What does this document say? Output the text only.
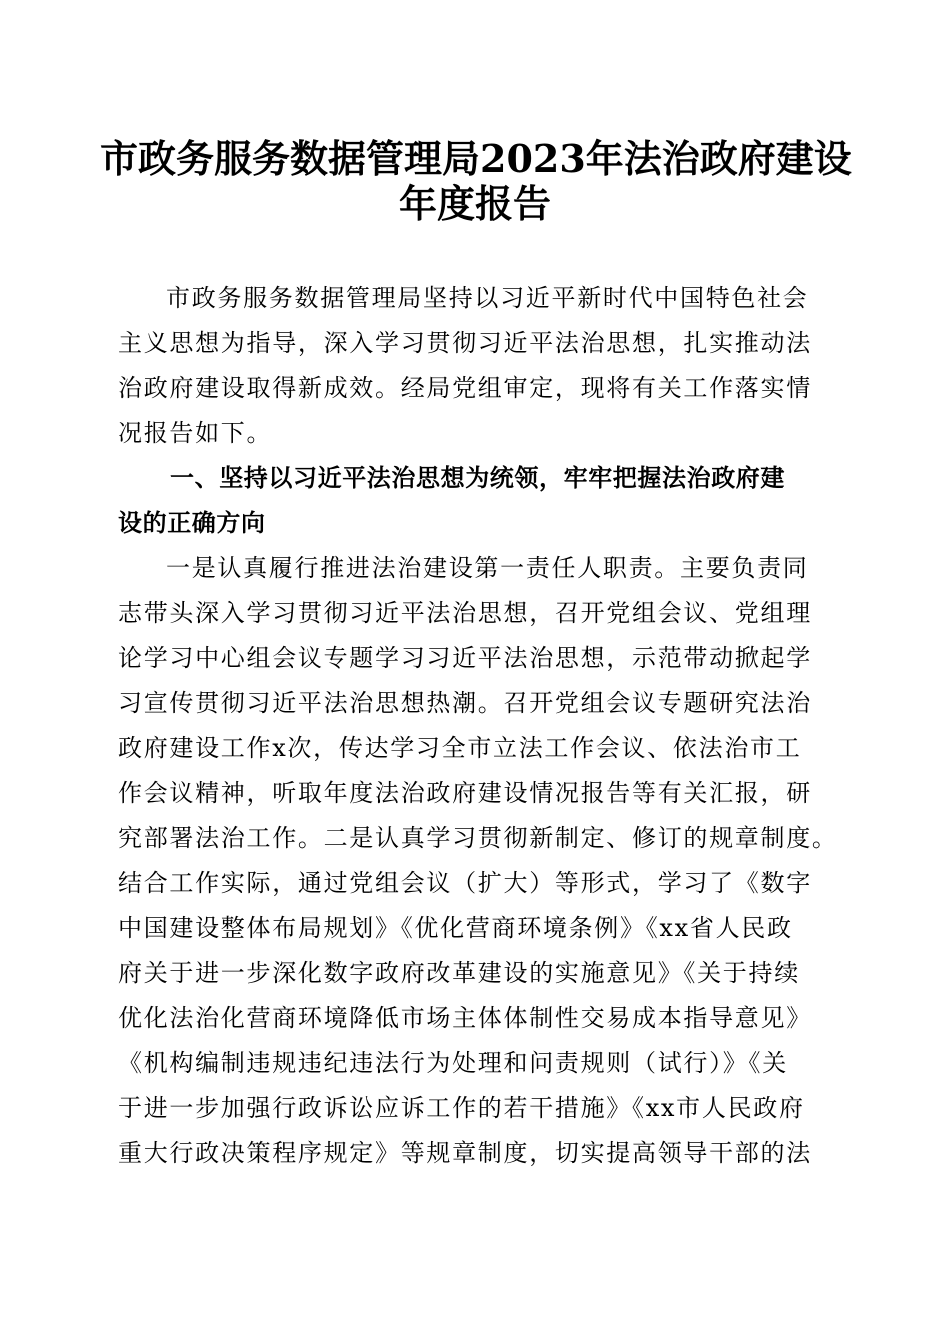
市政务服务数据管理局2023年法治政府建设
年度报告

市政务服务数据管理局坚持以习近平新时代中国特色社会

主义思想为指导，深入学习贯彻习近平法治思想，扎实推动法

治政府建设取得新成效。经局党组审定，现将有关工作落实情

况报告如下。

一、坚持以习近平法治思想为统领，牢牢把握法治政府建

设的正确方向

一是认真履行推进法治建设第一责任人职责。主要负责同

志带头深入学习贯彻习近平法治思想，召开党组会议、党组理

论学习中心组会议专题学习习近平法治思想，示范带动掀起学

习宣传贯彻习近平法治思想热潮。召开党组会议专题研究法治

政府建设工作x次，传达学习全市立法工作会议、依法治市工

作会议精神，听取年度法治政府建设情况报告等有关汇报，研

究部署法治工作。二是认真学习贯彻新制定、修订的规章制度。

结合工作实际，通过党组会议（扩大）等形式，学习了《数字

中国建设整体布局规划》《优化营商环境条例》《xx省人民政

府关于进一步深化数字政府改革建设的实施意见》《关于持续

优化法治化营商环境降低市场主体体制性交易成本指导意见》

《机构编制违规违纪违法行为处理和问责规则（试行）》《关

于进一步加强行政诉讼应诉工作的若干措施》《xx市人民政府

重大行政决策程序规定》等规章制度，切实提高领导干部的法
